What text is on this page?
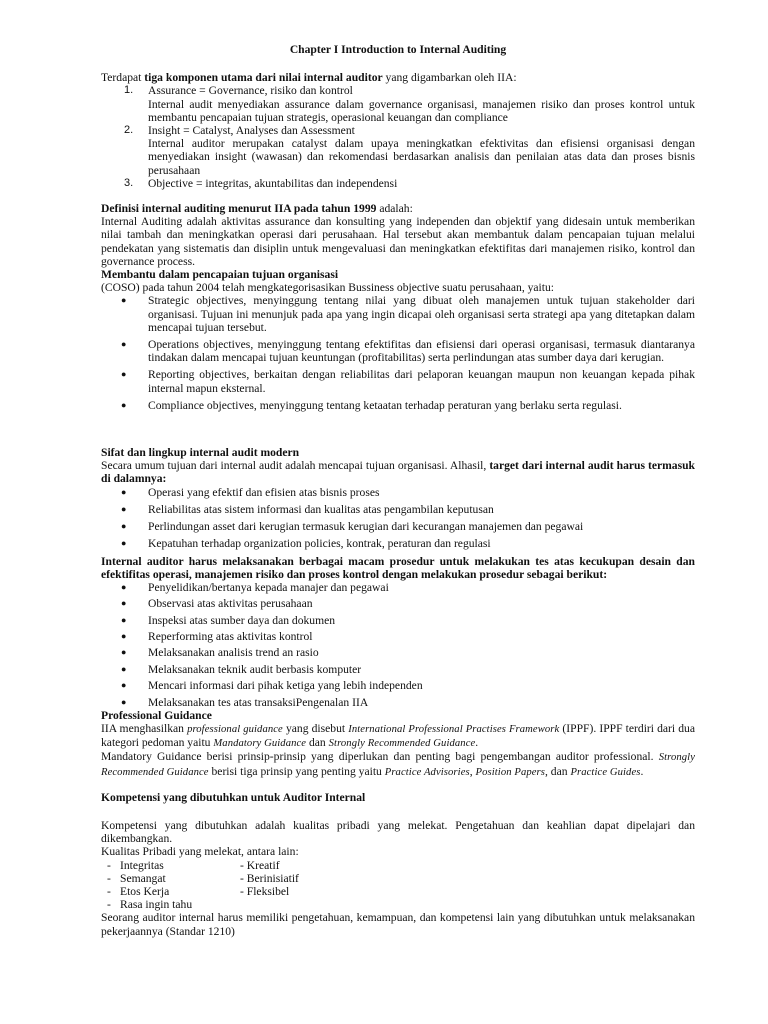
Chapter I Introduction to Internal Auditing

Terdapat tiga komponen utama dari nilai internal auditor yang digambarkan oleh IIA:

1. Assurance = Governance, risiko dan kontrol
Internal audit menyediakan assurance dalam governance organisasi, manajemen risiko dan proses kontrol untuk membantu pencapaian tujuan strategis, operasional keuangan dan compliance
2. Insight = Catalyst, Analyses dan Assessment
Internal auditor merupakan catalyst dalam upaya meningkatkan efektivitas dan efisiensi organisasi dengan menyediakan insight (wawasan) dan rekomendasi berdasarkan analisis dan penilaian atas data dan proses bisnis perusahaan
3. Objective = integritas, akuntabilitas dan independensi

Definisi internal auditing menurut IIA pada tahun 1999 adalah:

Internal Auditing adalah aktivitas assurance dan konsulting yang independen dan objektif yang didesain untuk memberikan nilai tambah dan meningkatkan operasi dari perusahaan. Hal tersebut akan membantuk dalam pencapaian tujuan melalui pendekatan yang sistematis dan disiplin untuk mengevaluasi dan meningkatkan efektifitas dari manajemen risiko, kontrol dan governance process.

Membantu dalam pencapaian tujuan organisasi

(COSO) pada tahun 2004 telah mengkategorisasikan Bussiness objective suatu perusahaan, yaitu:

● Strategic objectives, menyinggung tentang nilai yang dibuat oleh manajemen untuk tujuan stakeholder dari organisasi. Tujuan ini menunjuk pada apa yang ingin dicapai oleh organisasi serta strategi apa yang ditetapkan dalam mencapai tujuan tersebut.
● Operations objectives, menyinggung tentang efektifitas dan efisiensi dari operasi organisasi, termasuk diantaranya tindakan dalam mencapai tujuan keuntungan (profitabilitas) serta perlindungan atas sumber daya dari kerugian.
● Reporting objectives, berkaitan dengan reliabilitas dari pelaporan keuangan maupun non keuangan kepada pihak internal mapun eksternal.
● Compliance objectives, menyinggung tentang ketaatan terhadap peraturan yang berlaku serta regulasi.
Sifat dan lingkup internal audit modern

Secara umum tujuan dari internal audit adalah mencapai tujuan organisasi. Alhasil, target dari internal audit harus termasuk di dalamnya:

● Operasi yang efektif dan efisien atas bisnis proses
● Reliabilitas atas sistem informasi dan kualitas atas pengambilan keputusan
● Perlindungan asset dari kerugian termasuk kerugian dari kecurangan manajemen dan pegawai
● Kepatuhan terhadap organization policies, kontrak, peraturan dan regulasi

Internal auditor harus melaksanakan berbagai macam prosedur untuk melakukan tes atas kecukupan desain dan efektifitas operasi, manajemen risiko dan proses kontrol dengan melakukan prosedur sebagai berikut:

● Penyelidikan/bertanya kepada manajer dan pegawai
● Observasi atas aktivitas perusahaan
● Inspeksi atas sumber daya dan dokumen
● Reperforming atas aktivitas kontrol
● Melaksanakan analisis trend an rasio
● Melaksanakan teknik audit berbasis komputer
● Mencari informasi dari pihak ketiga yang lebih independen
● Melaksanakan tes atas transaksiPengenalan IIA
Professional Guidance

IIA menghasilkan professional guidance yang disebut International Professional Practises Framework (IPPF). IPPF terdiri dari dua kategori pedoman yaitu Mandatory Guidance dan Strongly Recommended Guidance.

Mandatory Guidance berisi prinsip-prinsip yang diperlukan dan penting bagi pengembangan auditor professional. Strongly Recommended Guidance berisi tiga prinsip yang penting yaitu Practice Advisories, Position Papers, dan Practice Guides.

Kompetensi yang dibutuhkan untuk Auditor Internal

Kompetensi yang dibutuhkan adalah kualitas pribadi yang melekat. Pengetahuan dan keahlian dapat dipelajari dan dikembangkan.

Kualitas Pribadi yang melekat, antara lain:

- Integritas	- Kreatif
- Semangat	- Berinisiatif
- Etos Kerja	- Fleksibel
- Rasa ingin tahu

Seorang auditor internal harus memiliki pengetahuan, kemampuan, dan kompetensi lain yang dibutuhkan untuk melaksanakan pekerjaannya (Standar 1210)
